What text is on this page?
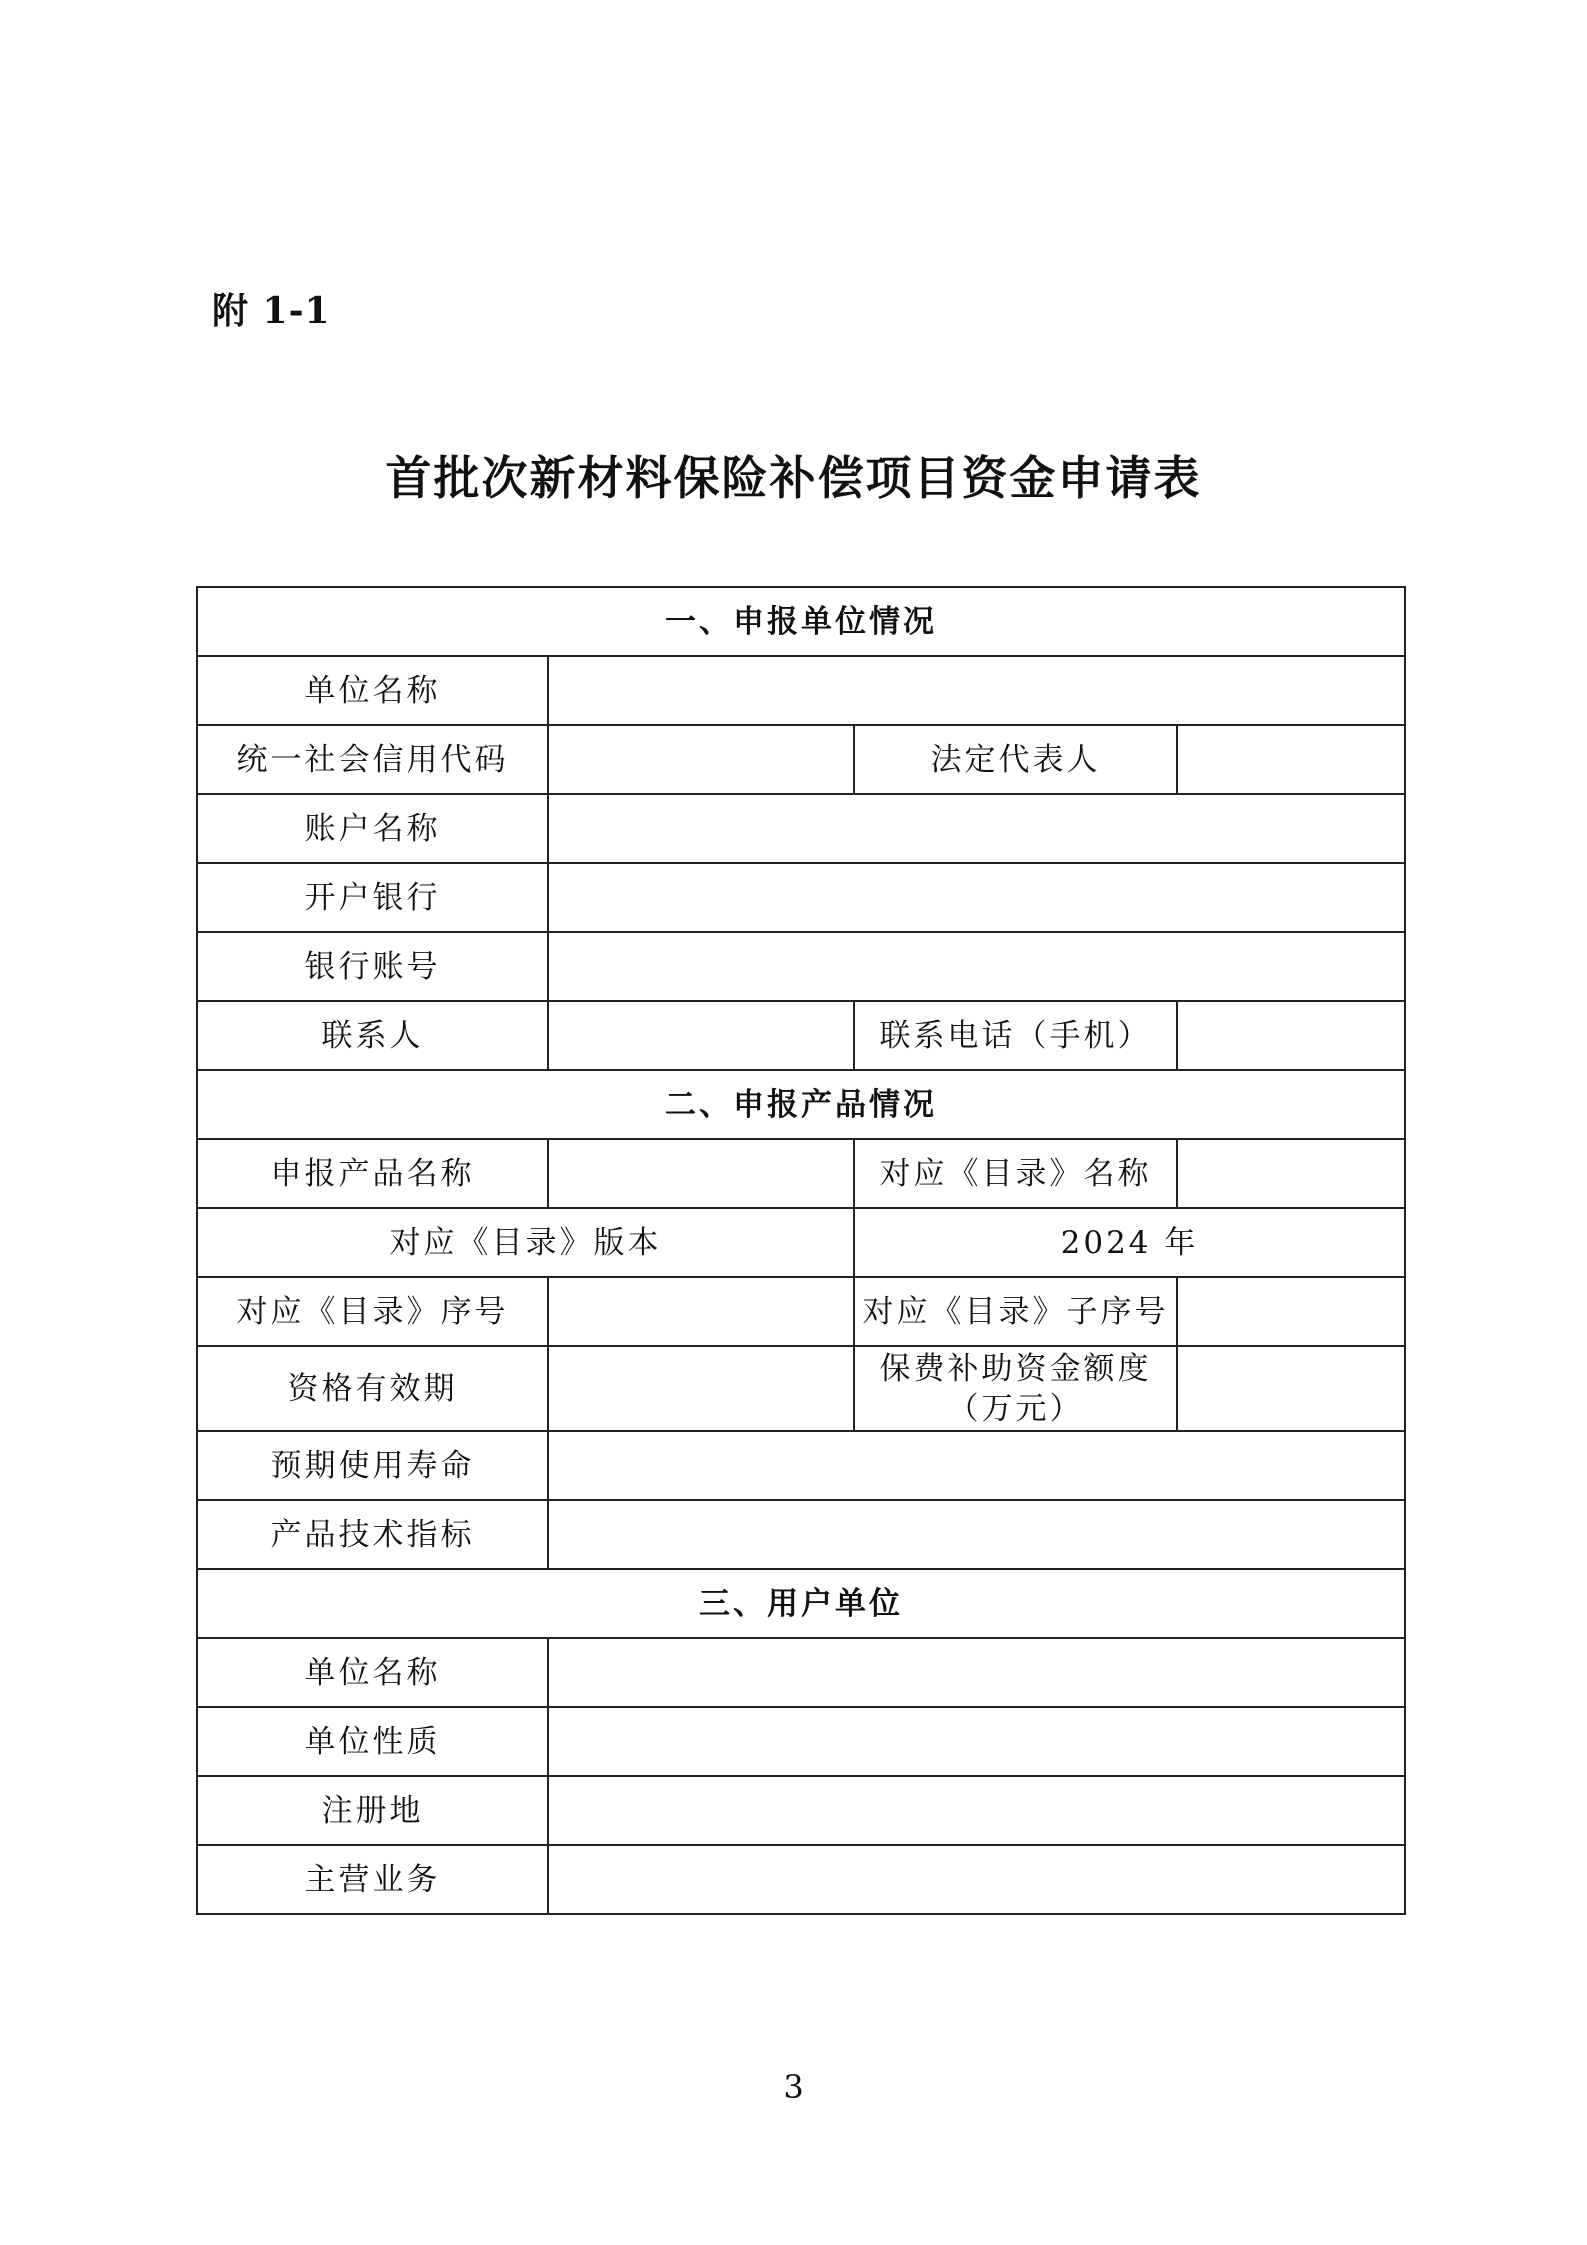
附 1-1
首批次新材料保险补偿项目资金申请表
一、申报单位情况			
单位名称			
统一社会信用代码		法定代表人	
账户名称			
开户银行			
银行账号			
联系人		联系电话（手机）	
二、申报产品情况			
申报产品名称		对应《目录》名称	
对应《目录》版本		2024 年	
对应《目录》序号		对应《目录》子序号	
资格有效期		保费补助资金额度
（万元）	

预期使用寿命			
产品技术指标			
三、用户单位			
单位名称			
单位性质			
注册地			
主营业务			
3
